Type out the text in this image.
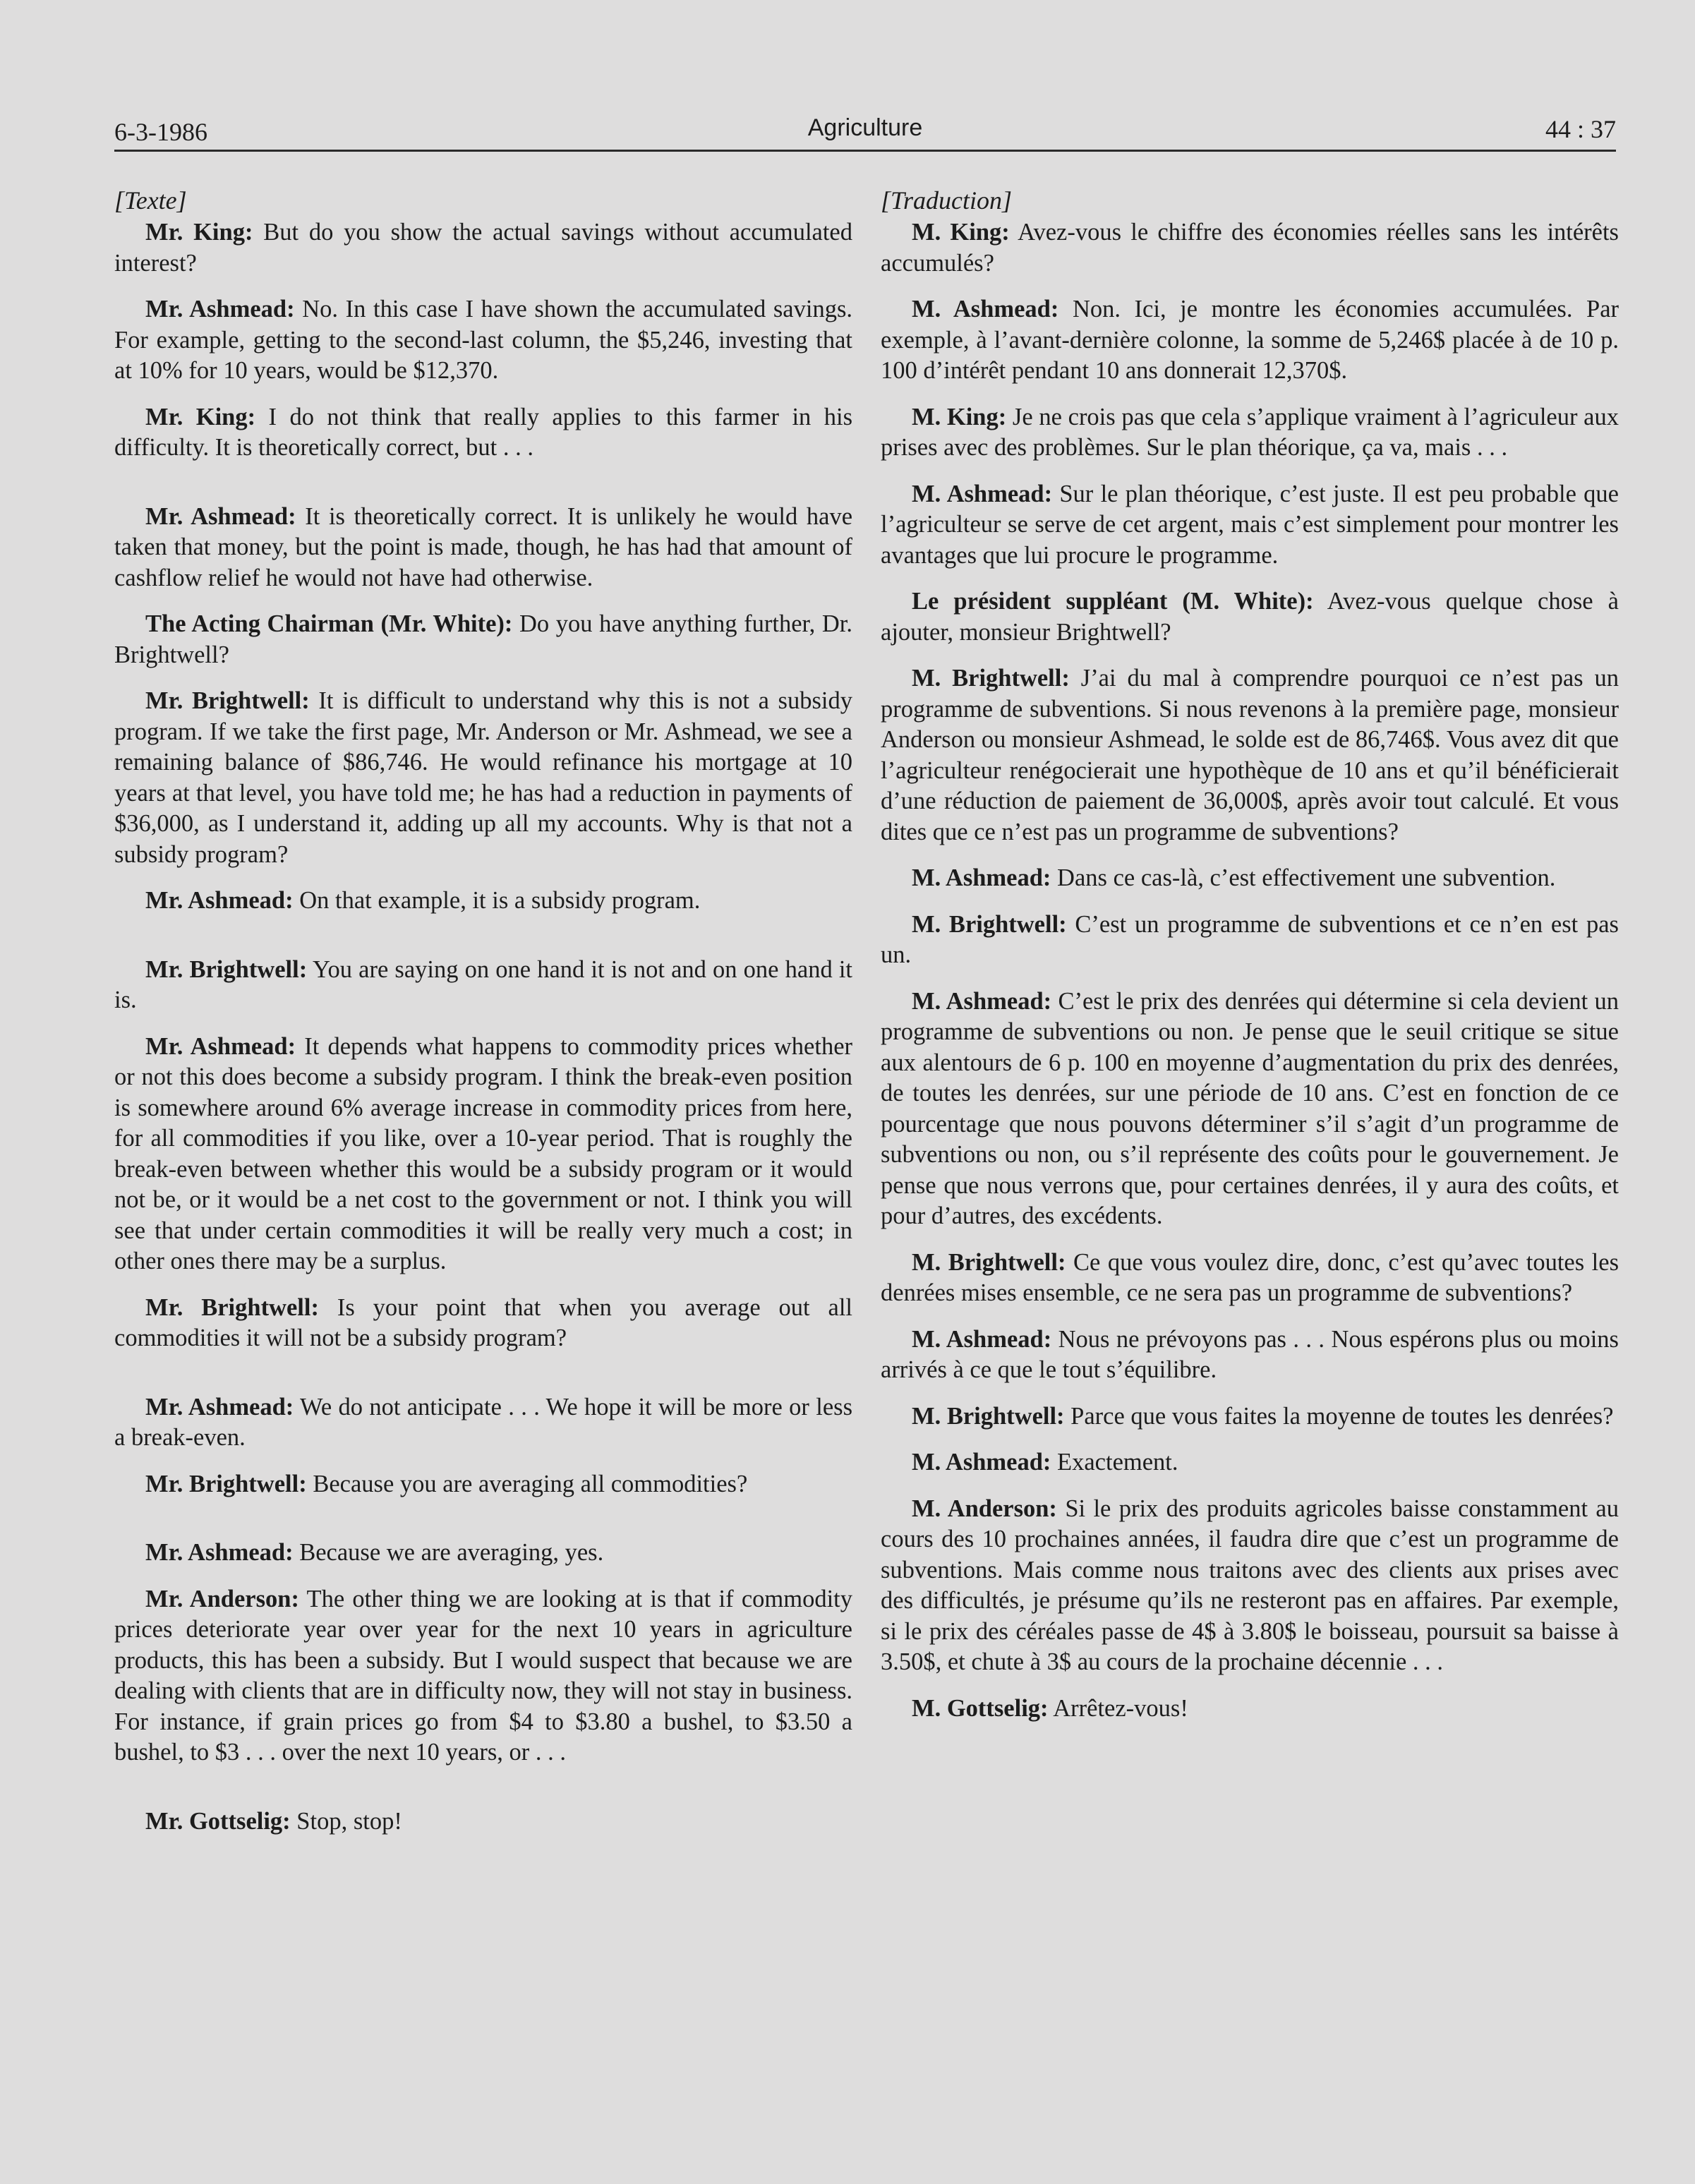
6-3-1986	Agriculture	44 : 37
[Texte]

Mr. King: But do you show the actual savings without accumulated interest?

Mr. Ashmead: No. In this case I have shown the accumulated savings. For example, getting to the second-last column, the $5,246, investing that at 10% for 10 years, would be $12,370.

Mr. King: I do not think that really applies to this farmer in his difficulty. It is theoretically correct, but . . .

Mr. Ashmead: It is theoretically correct. It is unlikely he would have taken that money, but the point is made, though, he has had that amount of cashflow relief he would not have had otherwise.

The Acting Chairman (Mr. White): Do you have anything further, Dr. Brightwell?

Mr. Brightwell: It is difficult to understand why this is not a subsidy program. If we take the first page, Mr. Anderson or Mr. Ashmead, we see a remaining balance of $86,746. He would refinance his mortgage at 10 years at that level, you have told me; he has had a reduction in payments of $36,000, as I understand it, adding up all my accounts. Why is that not a subsidy program?

Mr. Ashmead: On that example, it is a subsidy program.

Mr. Brightwell: You are saying on one hand it is not and on one hand it is.

Mr. Ashmead: It depends what happens to commodity prices whether or not this does become a subsidy program. I think the break-even position is somewhere around 6% average increase in commodity prices from here, for all commodities if you like, over a 10-year period. That is roughly the break-even between whether this would be a subsidy program or it would not be, or it would be a net cost to the government or not. I think you will see that under certain commodities it will be really very much a cost; in other ones there may be a surplus.

Mr. Brightwell: Is your point that when you average out all commodities it will not be a subsidy program?

Mr. Ashmead: We do not anticipate . . . We hope it will be more or less a break-even.

Mr. Brightwell: Because you are averaging all commodities?

Mr. Ashmead: Because we are averaging, yes.

Mr. Anderson: The other thing we are looking at is that if commodity prices deteriorate year over year for the next 10 years in agriculture products, this has been a subsidy. But I would suspect that because we are dealing with clients that are in difficulty now, they will not stay in business. For instance, if grain prices go from $4 to $3.80 a bushel, to $3.50 a bushel, to $3 . . . over the next 10 years, or . . .

Mr. Gottselig: Stop, stop!

[Traduction]

M. King: Avez-vous le chiffre des économies réelles sans les intérêts accumulés?

M. Ashmead: Non. Ici, je montre les économies accumulées. Par exemple, à l’avant-dernière colonne, la somme de 5,246$ placée à de 10 p. 100 d’intérêt pendant 10 ans donnerait 12,370$.

M. King: Je ne crois pas que cela s’applique vraiment à l’agriculeur aux prises avec des problèmes. Sur le plan théorique, ça va, mais . . .

M. Ashmead: Sur le plan théorique, c’est juste. Il est peu probable que l’agriculteur se serve de cet argent, mais c’est simplement pour montrer les avantages que lui procure le programme.

Le président suppléant (M. White): Avez-vous quelque chose à ajouter, monsieur Brightwell?

M. Brightwell: J’ai du mal à comprendre pourquoi ce n’est pas un programme de subventions. Si nous revenons à la première page, monsieur Anderson ou monsieur Ashmead, le solde est de 86,746$. Vous avez dit que l’agriculteur renégocierait une hypothèque de 10 ans et qu’il bénéficierait d’une réduction de paiement de 36,000$, après avoir tout calculé. Et vous dites que ce n’est pas un programme de subventions?

M. Ashmead: Dans ce cas-là, c’est effectivement une subvention.

M. Brightwell: C’est un programme de subventions et ce n’en est pas un.

M. Ashmead: C’est le prix des denrées qui détermine si cela devient un programme de subventions ou non. Je pense que le seuil critique se situe aux alentours de 6 p. 100 en moyenne d’augmentation du prix des denrées, de toutes les denrées, sur une période de 10 ans. C’est en fonction de ce pourcentage que nous pouvons déterminer s’il s’agit d’un programme de subventions ou non, ou s’il représente des coûts pour le gouvernement. Je pense que nous verrons que, pour certaines denrées, il y aura des coûts, et pour d’autres, des excédents.

M. Brightwell: Ce que vous voulez dire, donc, c’est qu’avec toutes les denrées mises ensemble, ce ne sera pas un programme de subventions?

M. Ashmead: Nous ne prévoyons pas . . . Nous espérons plus ou moins arrivés à ce que le tout s’équilibre.

M. Brightwell: Parce que vous faites la moyenne de toutes les denrées?

M. Ashmead: Exactement.

M. Anderson: Si le prix des produits agricoles baisse constamment au cours des 10 prochaines années, il faudra dire que c’est un programme de subventions. Mais comme nous traitons avec des clients aux prises avec des difficultés, je présume qu’ils ne resteront pas en affaires. Par exemple, si le prix des céréales passe de 4$ à 3.80$ le boisseau, poursuit sa baisse à 3.50$, et chute à 3$ au cours de la prochaine décennie . . .

M. Gottselig: Arrêtez-vous!
